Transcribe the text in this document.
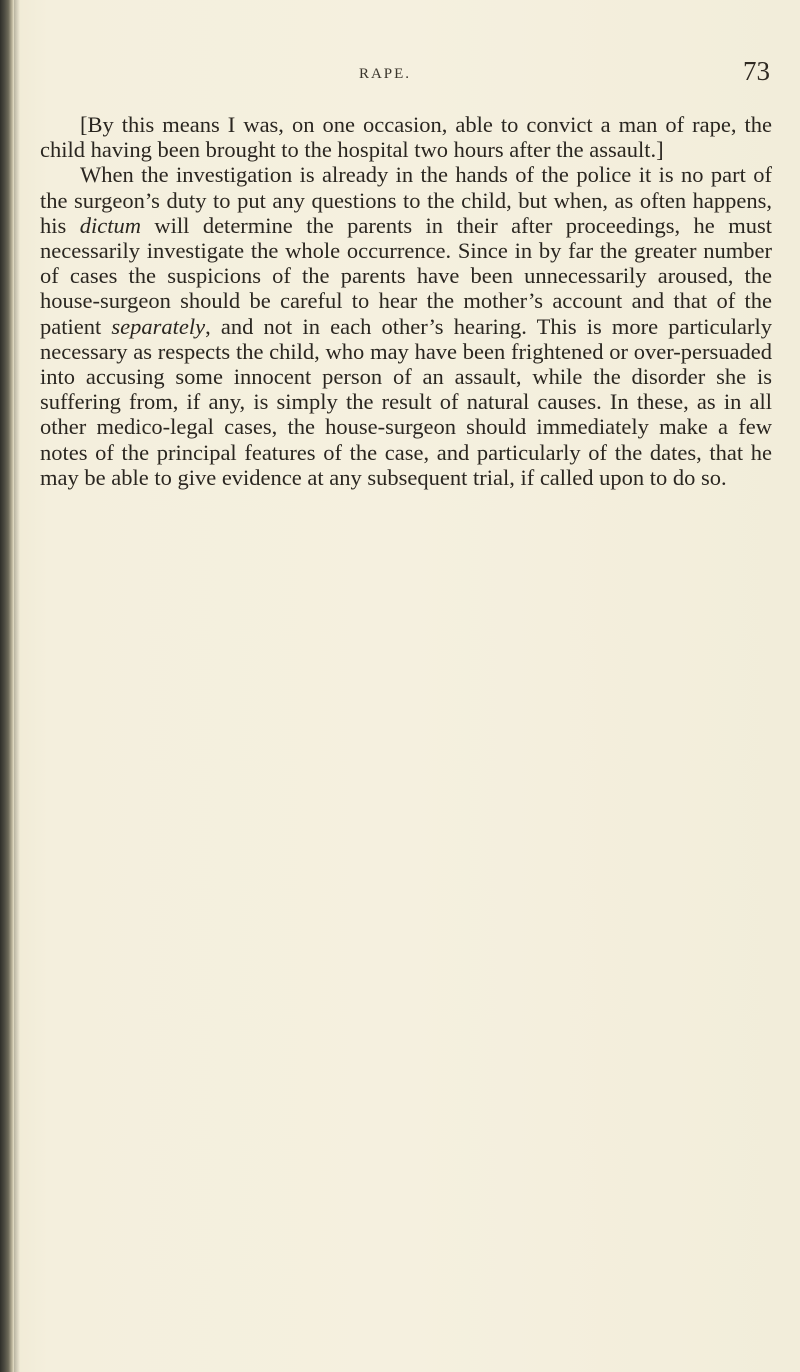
RAPE.	73

[By this means I was, on one occasion, able to convict a man of rape, the child having been brought to the hospital two hours after the assault.]

When the investigation is already in the hands of the police it is no part of the surgeon’s duty to put any questions to the child, but when, as often happens, his dictum will determine the parents in their after proceedings, he must necessarily investigate the whole occurrence. Since in by far the greater number of cases the suspicions of the parents have been unnecessarily aroused, the house-surgeon should be careful to hear the mother’s account and that of the patient separately, and not in each other’s hearing. This is more particularly necessary as respects the child, who may have been frightened or over-persuaded into accusing some innocent person of an assault, while the disorder she is suffering from, if any, is simply the result of natural causes. In these, as in all other medico-legal cases, the house-surgeon should immediately make a few notes of the principal features of the case, and particularly of the dates, that he may be able to give evidence at any subsequent trial, if called upon to do so.
